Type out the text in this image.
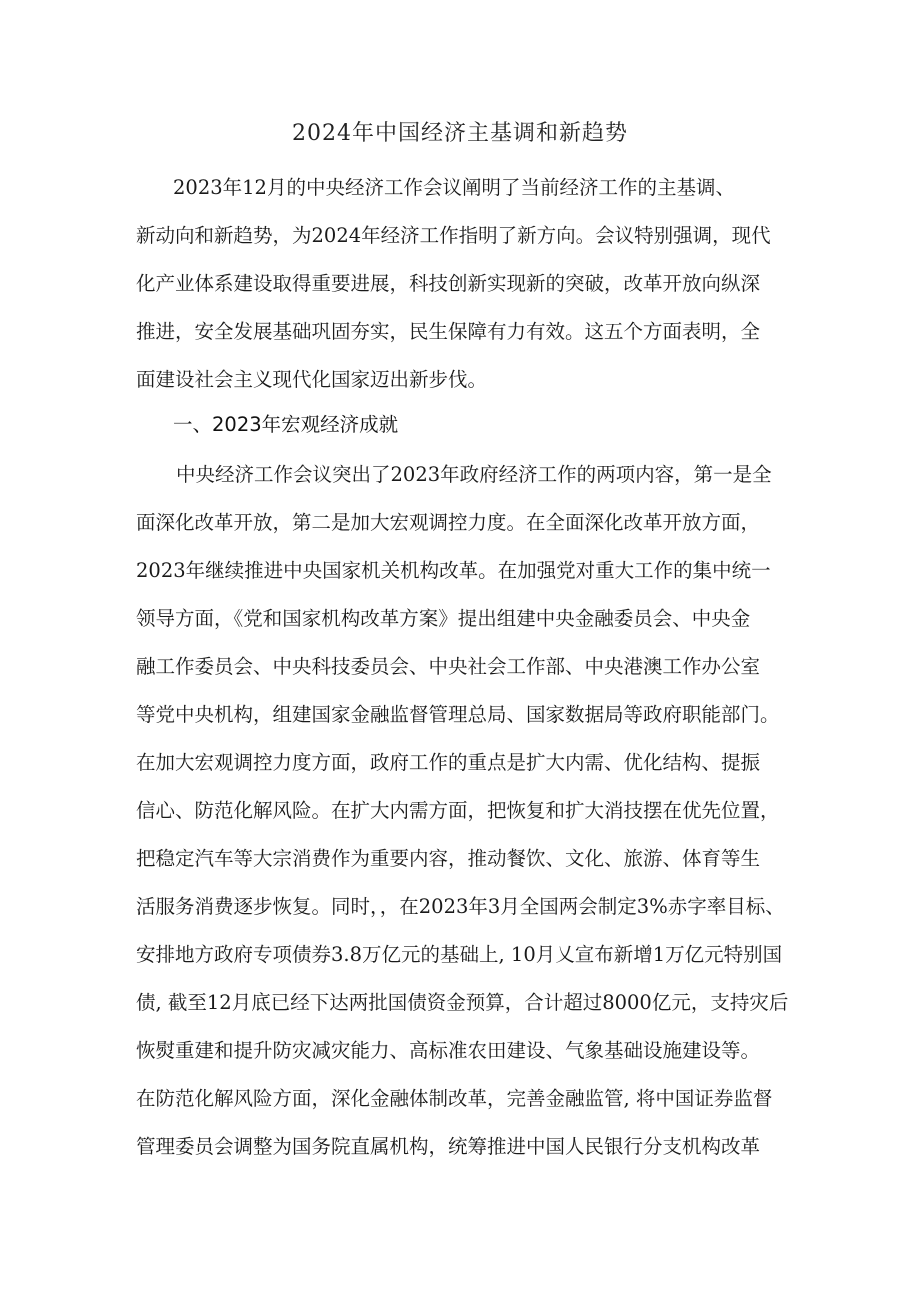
2024年中国经济主基调和新趋势
2023年12月的中央经济工作会议阐明了当前经济工作的主基调、
新动向和新趋势，为2024年经济工作指明了新方向。会议特别强调，现代
化产业体系建设取得重要进展，科技创新实现新的突破，改革开放向纵深
推进，安全发展基础巩固夯实，民生保障有力有效。这五个方面表明，全
面建设社会主义现代化国家迈出新步伐。
一、2023年宏观经济成就
中央经济工作会议突出了2023年政府经济工作的两项内容，第一是全
面深化改革开放，第二是加大宏观调控力度。在全面深化改革开放方面，
2023年继续推进中央国家机关机构改革。在加强党对重大工作的集中统一
领导方面，《党和国家机构改革方案》提出组建中央金融委员会、中央金
融工作委员会、中央科技委员会、中央社会工作部、中央港澳工作办公室
等党中央机构，组建国家金融监督管理总局、国家数据局等政府职能部门。
在加大宏观调控力度方面，政府工作的重点是扩大内需、优化结构、提振
信心、防范化解风险。在扩大内需方面，把恢复和扩大消技摆在优先位置，
把稳定汽车等大宗消费作为重要内容，推动餐饮、文化、旅游、体育等生
活服务消费逐步恢复。同时，，在2023年3月全国两会制定3%赤字率目标、
安排地方政府专项债券3.8万亿元的基础上, 10月乂宣布新增1万亿元特别国
债, 截至12月底已经下达两批国债资金预算，合计超过8000亿元，支持灾后
恢熨重建和提升防灾减灾能力、高标准农田建设、气象基础设施建设等。
在防范化解风险方面，深化金融体制改革，完善金融监管, 将中国证券监督
管理委员会调整为国务院直属机构，统筹推进中国人民银行分支机构改革
